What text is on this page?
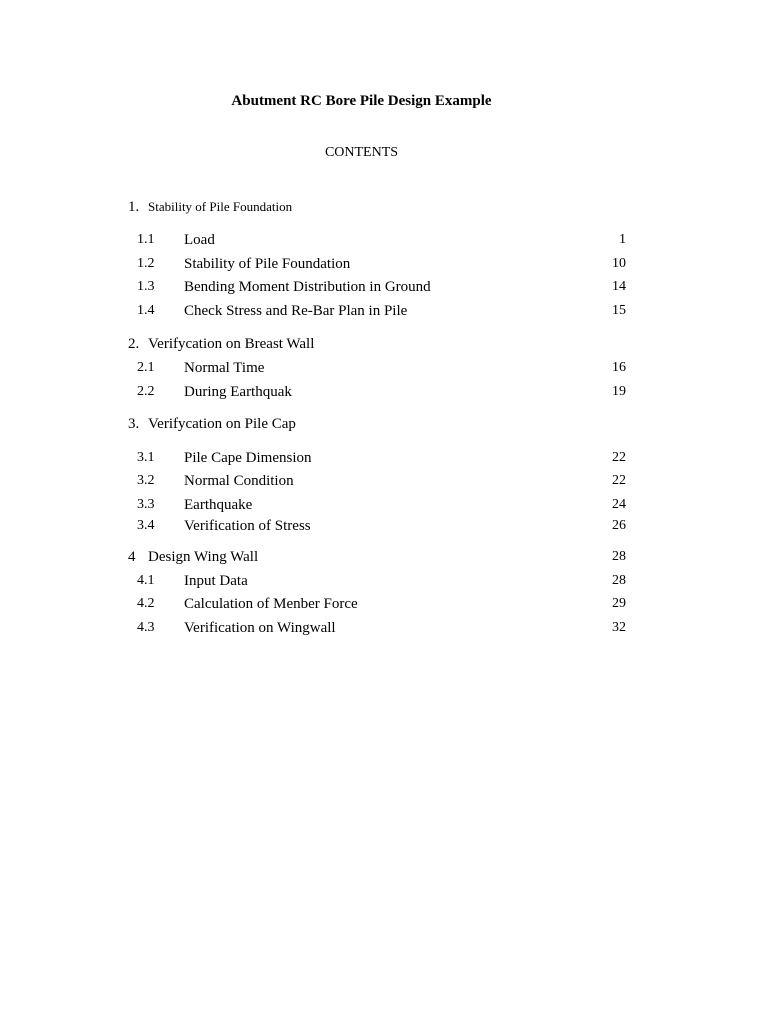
Abutment RC Bore Pile Design Example
CONTENTS
1. Stability of Pile Foundation
1.1 Load	1
1.2 Stability of Pile Foundation	10
1.3 Bending Moment Distribution in Ground	14
1.4 Check Stress and Re-Bar Plan in Pile	15
2. Verifycation on Breast Wall
2.1 Normal Time	16
2.2 During Earthquak	19
3. Verifycation on Pile Cap
3.1 Pile Cape Dimension	22
3.2 Normal Condition	22
3.3 Earthquake	24
3.4 Verification of Stress	26
4 Design Wing Wall	28
4.1 Input Data	28
4.2 Calculation of Menber Force	29
4.3 Verification on Wingwall	32
